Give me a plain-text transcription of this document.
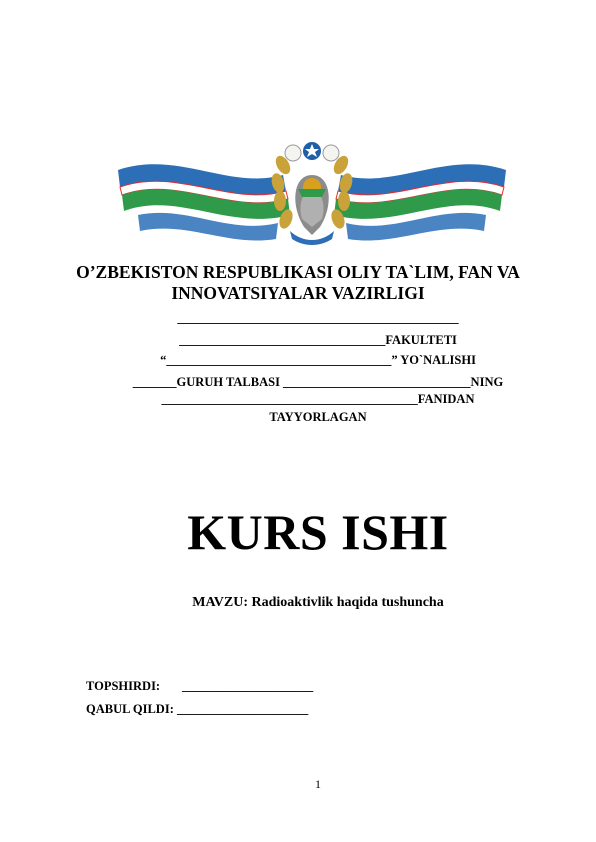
O’ZBEKISTON RESPUBLIKASI OLIY TA`LIM, FAN VA
INNOVATSIYALAR VAZIRLIGI
_____________________________________________
_________________________________FAKULTETI
“____________________________________” YO`NALISHI
_______GURUH TALBASI ______________________________NING
_________________________________________FANIDAN
TAYYORLAGAN
KURS ISHI
MAVZU: Radioaktivlik haqida tushuncha
TOPSHIRDI:       _____________________
QABUL QILDI: _____________________
1
